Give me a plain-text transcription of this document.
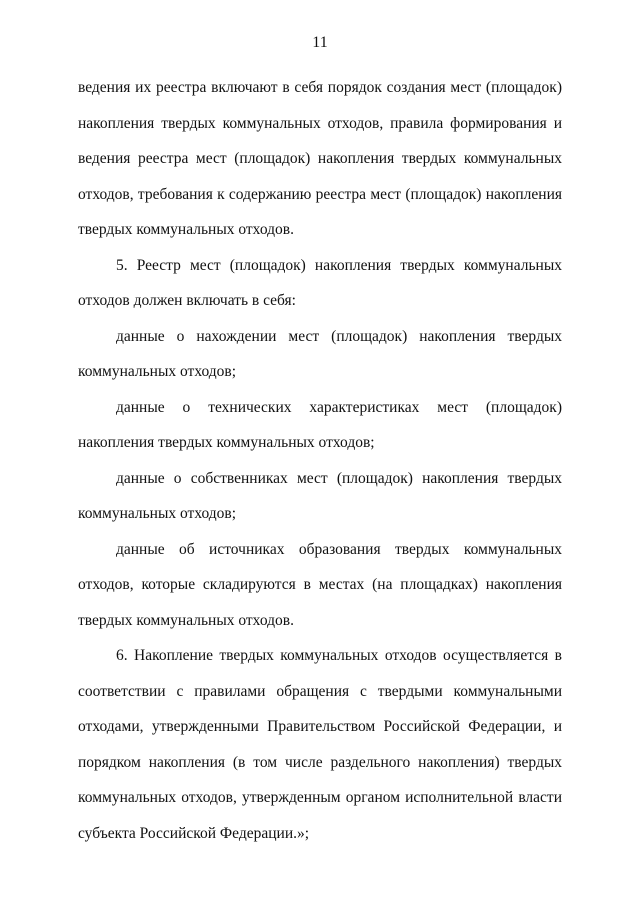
11

ведения их реестра включают в себя порядок создания мест (площадок) накопления твердых коммунальных отходов, правила формирования и ведения реестра мест (площадок) накопления твердых коммунальных отходов, требования к содержанию реестра мест (площадок) накопления твердых коммунальных отходов.

5. Реестр мест (площадок) накопления твердых коммунальных отходов должен включать в себя:

данные о нахождении мест (площадок) накопления твердых коммунальных отходов;

данные о технических характеристиках мест (площадок) накопления твердых коммунальных отходов;

данные о собственниках мест (площадок) накопления твердых коммунальных отходов;

данные об источниках образования твердых коммунальных отходов, которые складируются в местах (на площадках) накопления твердых коммунальных отходов.

6. Накопление твердых коммунальных отходов осуществляется в соответствии с правилами обращения с твердыми коммунальными отходами, утвержденными Правительством Российской Федерации, и порядком накопления (в том числе раздельного накопления) твердых коммунальных отходов, утвержденным органом исполнительной власти субъекта Российской Федерации.»;
